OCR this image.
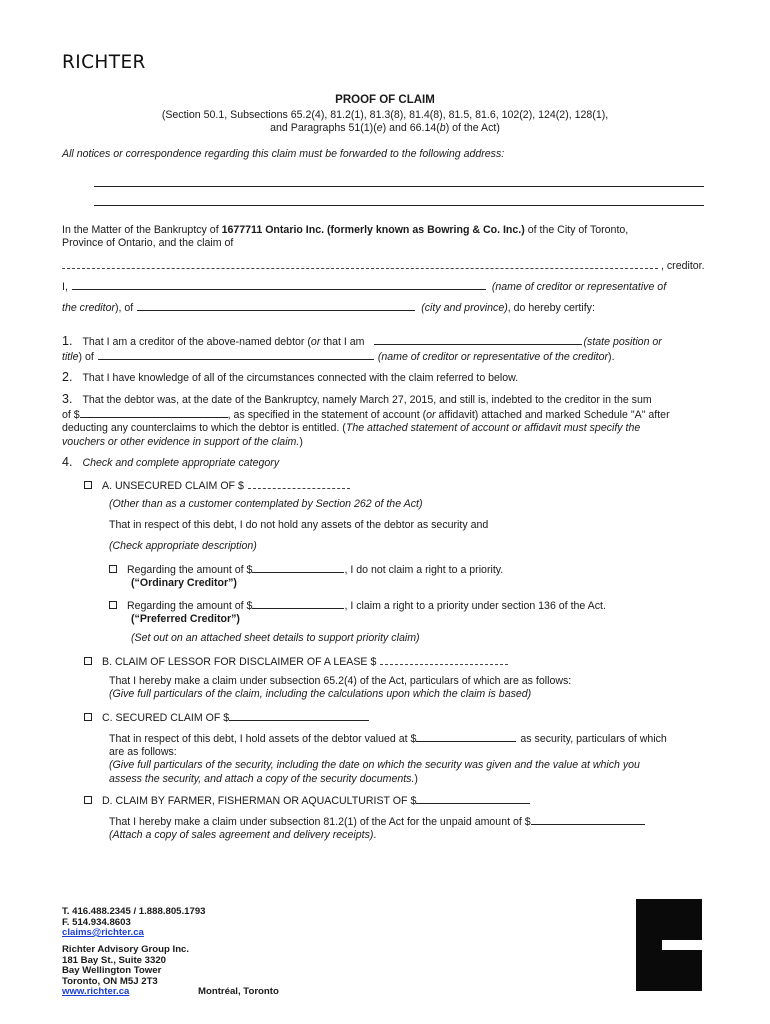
RICHTER
PROOF OF CLAIM
(Section 50.1, Subsections 65.2(4), 81.2(1), 81.3(8), 81.4(8), 81.5, 81.6, 102(2), 124(2), 128(1),
and Paragraphs 51(1)(e) and 66.14(b) of the Act)
All notices or correspondence regarding this claim must be forwarded to the following address:
In the Matter of the Bankruptcy of 1677711 Ontario Inc. (formerly known as Bowring & Co. Inc.) of the City of Toronto,
Province of Ontario, and the claim of
, creditor.
I,	(name of creditor or representative of
the creditor), of	(city and province), do hereby certify:
1. That I am a creditor of the above-named debtor (or that I am	(state position or
title) of	(name of creditor or representative of the creditor).
2. That I have knowledge of all of the circumstances connected with the claim referred to below.
3. That the debtor was, at the date of the Bankruptcy, namely March 27, 2015, and still is, indebted to the creditor in the sum
of $	, as specified in the statement of account (or affidavit) attached and marked Schedule "A" after
deducting any counterclaims to which the debtor is entitled. (The attached statement of account or affidavit must specify the
vouchers or other evidence in support of the claim.)
4. Check and complete appropriate category
A. UNSECURED CLAIM OF $
(Other than as a customer contemplated by Section 262 of the Act)
That in respect of this debt, I do not hold any assets of the debtor as security and
(Check appropriate description)
Regarding the amount of $	, I do not claim a right to a priority.
(“Ordinary Creditor”)
Regarding the amount of $	, I claim a right to a priority under section 136 of the Act.
(“Preferred Creditor”)
(Set out on an attached sheet details to support priority claim)
B. CLAIM OF LESSOR FOR DISCLAIMER OF A LEASE $
That I hereby make a claim under subsection 65.2(4) of the Act, particulars of which are as follows:
(Give full particulars of the claim, including the calculations upon which the claim is based)
C. SECURED CLAIM OF $
That in respect of this debt, I hold assets of the debtor valued at $	as security, particulars of which
are as follows:
(Give full particulars of the security, including the date on which the security was given and the value at which you
assess the security, and attach a copy of the security documents.)
D. CLAIM BY FARMER, FISHERMAN OR AQUACULTURIST OF $
That I hereby make a claim under subsection 81.2(1) of the Act for the unpaid amount of $
(Attach a copy of sales agreement and delivery receipts).
T. 416.488.2345 / 1.888.805.1793
F. 514.934.8603
claims@richter.ca
Richter Advisory Group Inc.
181 Bay St., Suite 3320
Bay Wellington Tower
Toronto, ON M5J 2T3
www.richter.ca	Montréal, Toronto
